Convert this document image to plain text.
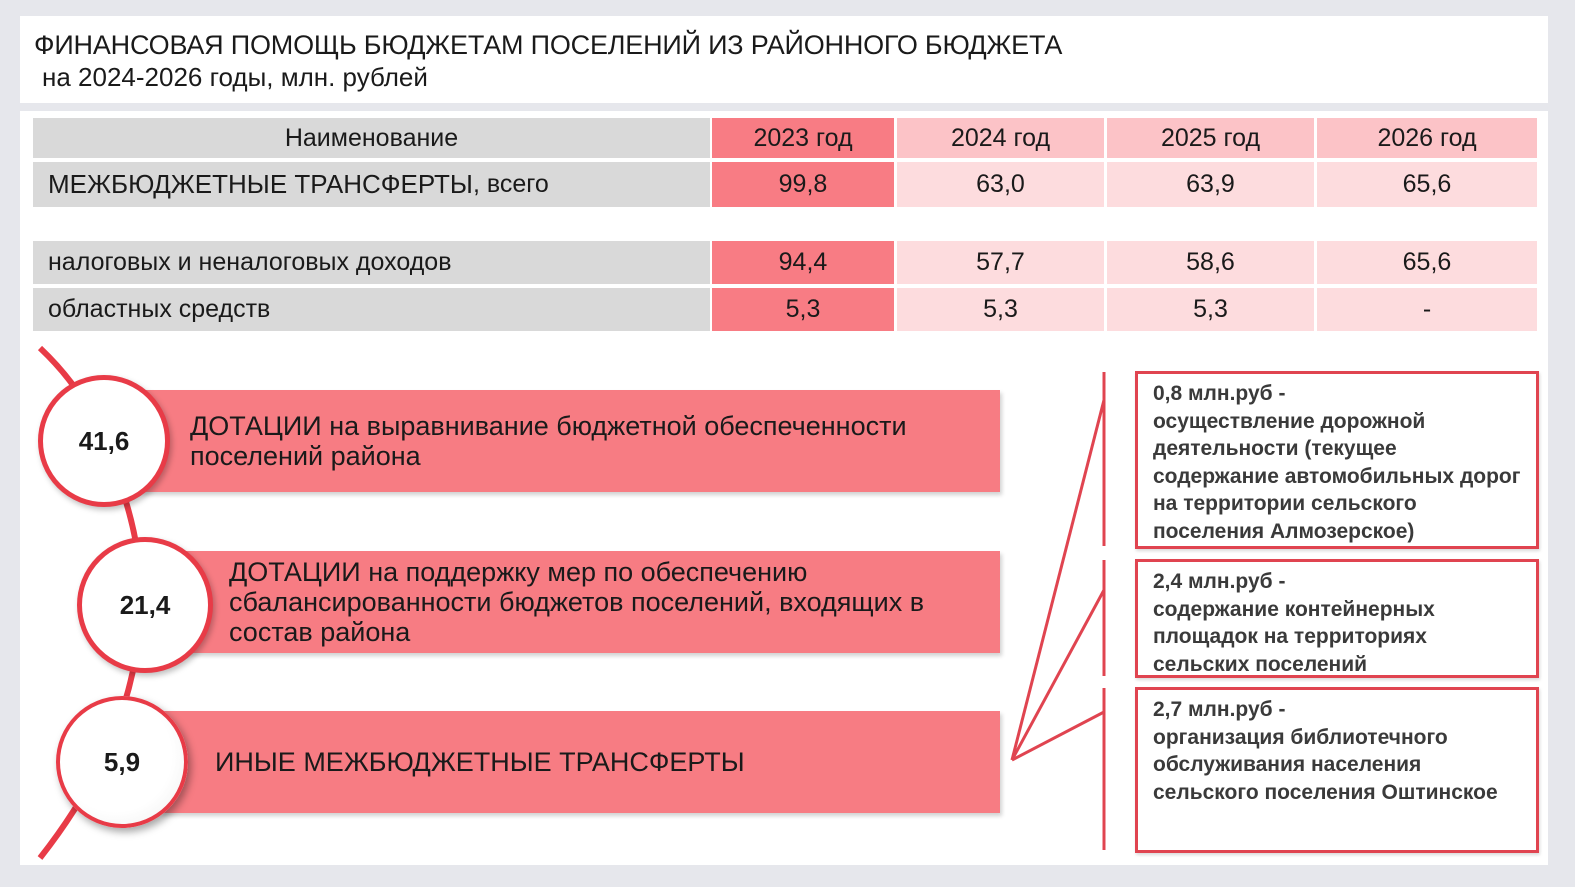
ФИНАНСОВАЯ ПОМОЩЬ БЮДЖЕТАМ ПОСЕЛЕНИЙ ИЗ РАЙОННОГО БЮДЖЕТА
на 2024-2026 годы, млн. рублей
Наименование	2023 год	2024 год	2025 год	2026 год
МЕЖБЮДЖЕТНЫЕ ТРАНСФЕРТЫ , всего	99,8	63,0	63,9	65,6
налоговых и неналоговых доходов	94,4	57,7	58,6	65,6
областных средств	5,3	5,3	5,3	-
ДОТАЦИИ на выравнивание бюджетной обеспеченности поселений района
ДОТАЦИИ на поддержку мер по обеспечению сбалансированности бюджетов поселений, входящих в состав района
ИНЫЕ МЕЖБЮДЖЕТНЫЕ ТРАНСФЕРТЫ
41,6
21,4
5,9
0,8 млн.руб -
осуществление дорожной деятельности (текущее содержание автомобильных дорог на территории сельского поселения Алмозерское)
2,4 млн.руб -
содержание контейнерных площадок на территориях сельских поселений
2,7 млн.руб -
организация библиотечного обслуживания населения сельского поселения Оштинское
